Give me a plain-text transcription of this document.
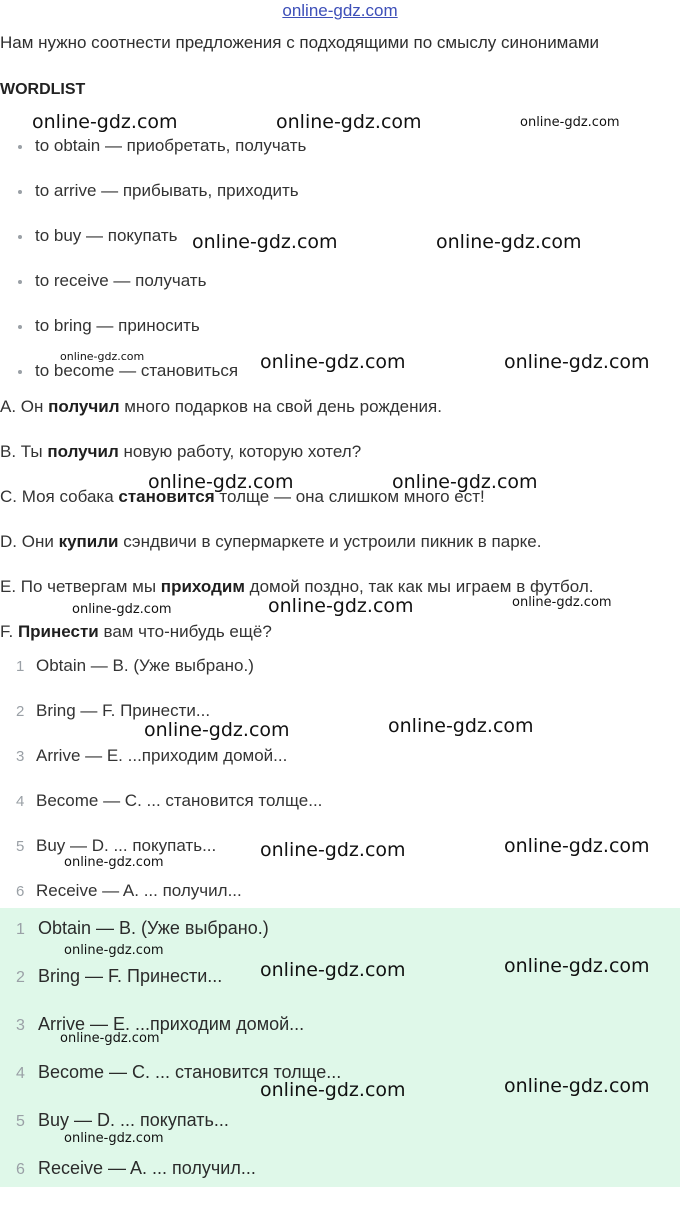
online-gdz.com
Нам нужно соотнести предложения с подходящими по смыслу синонимами
WORDLIST
to obtain — приобретать, получать
to arrive — прибывать, приходить
to buy — покупать
to receive — получать
to bring — приносить
to become — становиться
A. Он получил много подарков на свой день рождения.
B. Ты получил новую работу, которую хотел?
C. Моя собака становится толще — она слишком много ест!
D. Они купили сэндвичи в супермаркете и устроили пикник в парке.
E. По четвергам мы приходим домой поздно, так как мы играем в футбол.
F. Принести вам что-нибудь ещё?
1 Obtain — B. (Уже выбрано.)
2 Bring — F. Принести...
3 Arrive — E. ...приходим домой...
4 Become — C. ... становится толще...
5 Buy — D. ... покупать...
6 Receive — A. ... получил...
1 Obtain — B. (Уже выбрано.)
2 Bring — F. Принести...
3 Arrive — E. ...приходим домой...
4 Become — C. ... становится толще...
5 Buy — D. ... покупать...
6 Receive — A. ... получил...
online-gdz.com	online-gdz.com	online-gdz.com
online-gdz.com	online-gdz.com
online-gdz.com	online-gdz.com	online-gdz.com
online-gdz.com	online-gdz.com
online-gdz.com	online-gdz.com	online-gdz.com
online-gdz.com	online-gdz.com
online-gdz.com
online-gdz.com	online-gdz.com
online-gdz.com
online-gdz.com	online-gdz.com
online-gdz.com
online-gdz.com	online-gdz.com
online-gdz.com
